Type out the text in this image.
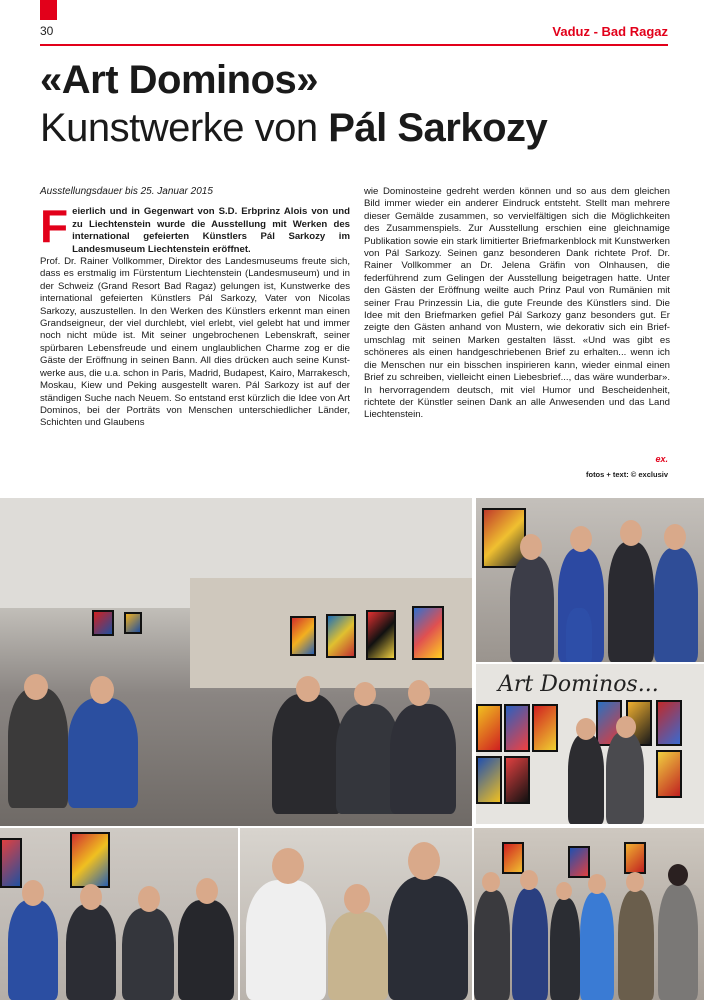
30	Vaduz - Bad Ragaz
«Art Dominos»
Kunstwerke von Pál Sarkozy
Ausstellungsdauer bis 25. Januar 2015

F eierlich und in Gegenwart von S.D. Erbprinz Alois von und zu Liechtenstein wurde die Ausstellung mit Werken des international gefeierten Künstlers Pál Sarkozy im Landesmuseum Liechtenstein eröffnet.

Prof. Dr. Rainer Vollkommer, Direktor des Landesmuseums freute sich, dass es erstmalig im Fürstentum Liechtenstein (Landesmuseum) und in der Schweiz (Grand Resort Bad Ragaz) gelungen ist, Kunstwerke des international gefeierten Künstlers Pál Sarkozy, Vater von Nicolas Sarkozy, auszustellen. In den Werken des Künstlers erkennt man einen Grandseigneur, der viel durchlebt, viel erlebt, viel gelebt hat und immer noch nicht müde ist. Mit seiner ungebrochenen Lebenskraft, seiner spürbaren Lebensfreude und einem unglaublichen Charme zog er die Gäste der Eröffnung in seinen Bann. All dies drücken auch seine Kunstwerke aus, die u.a. schon in Paris, Madrid, Budapest, Kairo, Marrakesch, Moskau, Kiew und Peking ausgestellt waren. Pál Sarkozy ist auf der ständigen Suche nach Neuem. So entstand erst kürzlich die Idee von Art Dominos, bei der Porträts von Menschen unterschiedlicher Länder, Schichten und Glaubens

wie Dominosteine gedreht werden können und so aus dem gleichen Bild immer wieder ein anderer Eindruck entsteht. Stellt man mehrere dieser Gemälde zusammen, so vervielfältigen sich die Möglichkeiten des Zusammenspiels. Zur Ausstellung erschien eine gleichnamige Publikation sowie ein stark limitierter Briefmarkenblock mit Kunstwerken von Pál Sarkozy. Seinen ganz besonderen Dank richtete Prof. Dr. Rainer Vollkommer an Dr. Jelena Gräfin von Olnhausen, die federführend zum Gelingen der Ausstellung beigetragen hatte. Unter den Gästen der Eröffnung weilte auch Prinz Paul von Rumänien mit seiner Frau Prinzessin Lia, die gute Freunde des Künstlers sind. Die Idee mit den Briefmarken gefiel Pál Sarkozy ganz besonders gut. Er zeigte den Gästen anhand von Mustern, wie dekorativ sich ein Briefumschlag mit seinen Marken gestalten lässt. «Und was gibt es schöneres als einen handgeschriebenen Brief zu erhalten... wenn ich die Menschen nur ein bisschen inspirieren kann, wieder einmal einen Brief zu schreiben, vielleicht einen Liebesbrief..., das wäre wunderbar». In hervorragendem deutsch, mit viel Humor und Bescheidenheit, richtete der Künstler seinen Dank an alle Anwesenden und das Land Liechtenstein.

ex.
fotos + text: © exclusiv
Art Dominos...
